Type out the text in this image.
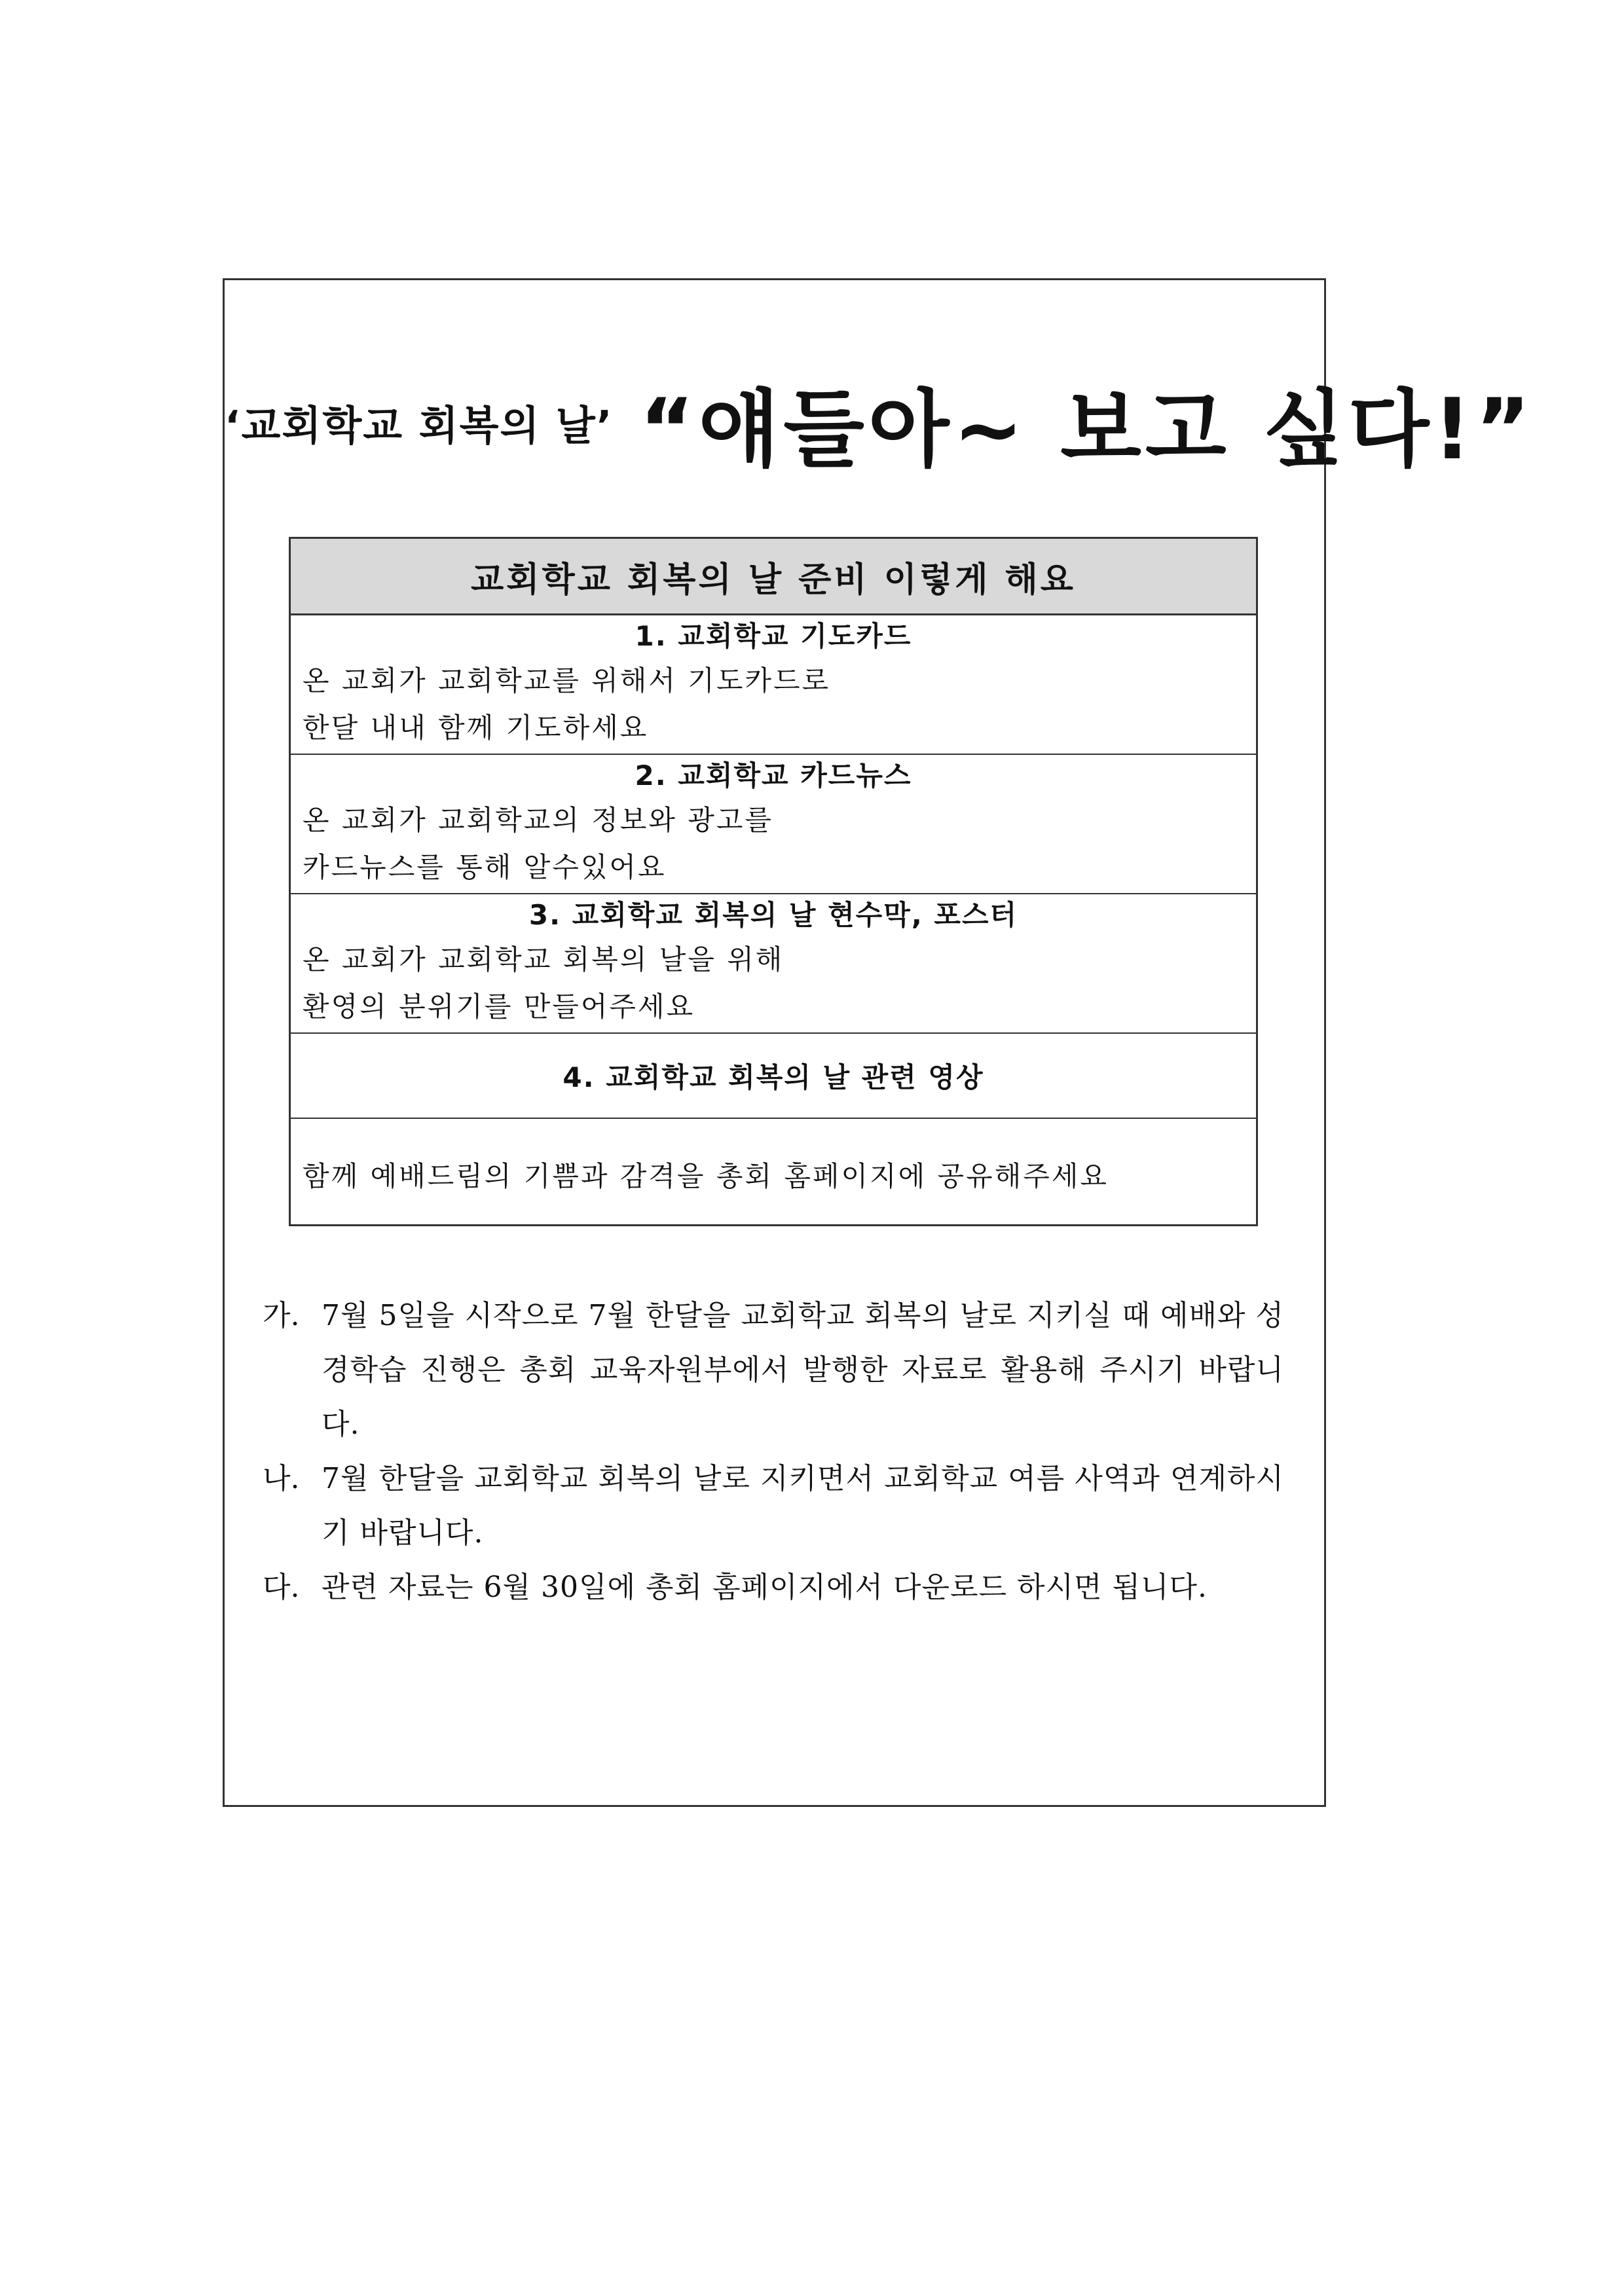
‘교회학교 회복의 날’ “얘들아~ 보고 싶다!”
교회학교 회복의 날 준비 이렇게 해요
1. 교회학교 기도카드
온 교회가 교회학교를 위해서 기도카드로
한달 내내 함께 기도하세요
2. 교회학교 카드뉴스
온 교회가 교회학교의 정보와 광고를
카드뉴스를 통해 알수있어요
3. 교회학교 회복의 날 현수막, 포스터
온 교회가 교회학교 회복의 날을 위해
환영의 분위기를 만들어주세요
4. 교회학교 회복의 날 관련 영상
함께 예배드림의 기쁨과 감격을 총회 홈페이지에 공유해주세요
가. 7월 5일을 시작으로 7월 한달을 교회학교 회복의 날로 지키실 때 예배와 성경학습 진행은 총회 교육자원부에서 발행한 자료로 활용해 주시기 바랍니다.
나. 7월 한달을 교회학교 회복의 날로 지키면서 교회학교 여름 사역과 연계하시기 바랍니다.
다. 관련 자료는 6월 30일에 총회 홈페이지에서 다운로드 하시면 됩니다.
